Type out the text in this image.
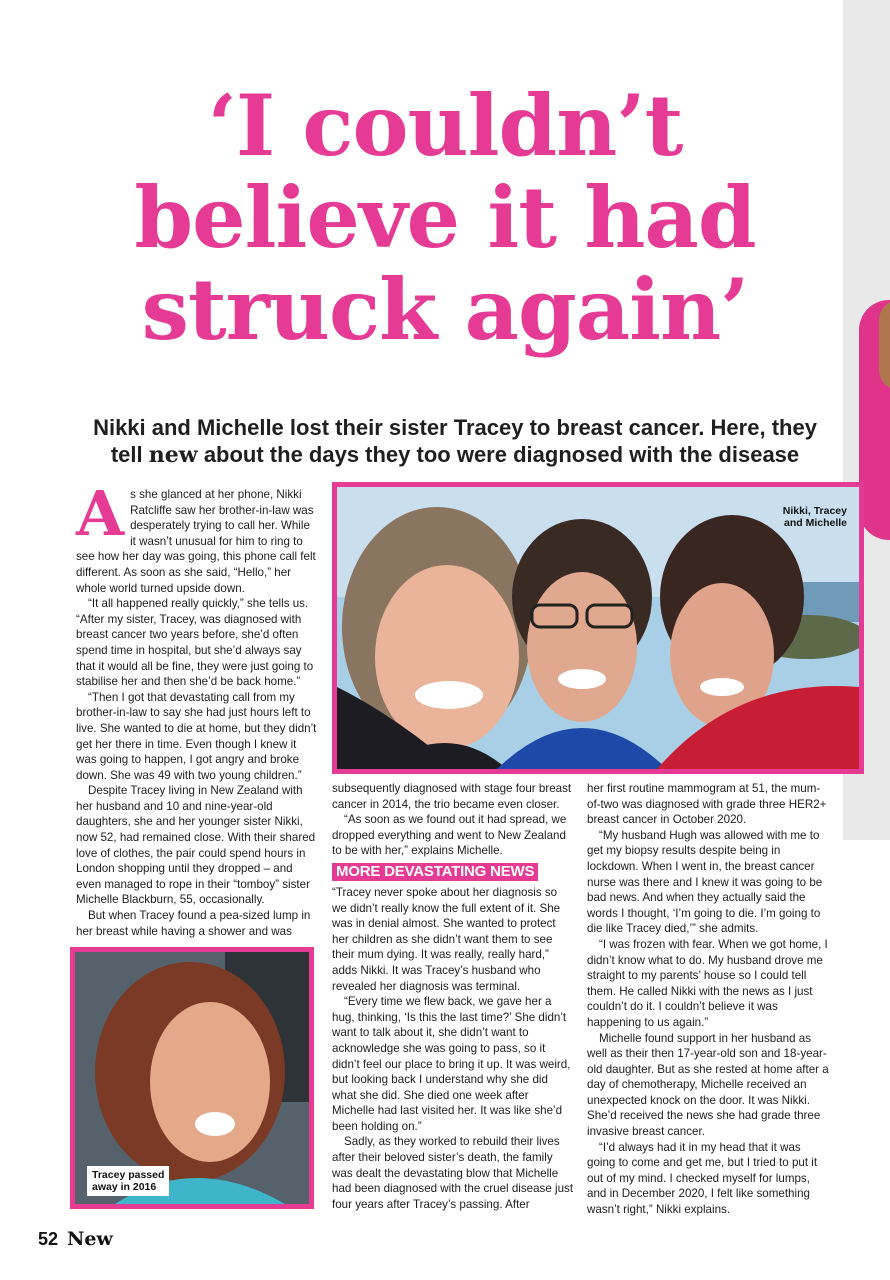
‘I couldn’t
believe it had
struck again’
Nikki and Michelle lost their sister Tracey to breast cancer. Here, they
tell new about the days they too were diagnosed with the disease

As she glanced at her phone, Nikki Ratcliffe saw her brother-in-law was desperately trying to call her. While it wasn’t unusual for him to ring to see how her day was going, this phone call felt different. As soon as she said, “Hello,” her whole world turned upside down.

“It all happened really quickly,” she tells us. “After my sister, Tracey, was diagnosed with breast cancer two years before, she’d often spend time in hospital, but she’d always say that it would all be fine, they were just going to stabilise her and then she’d be back home.”

“Then I got that devastating call from my brother-in-law to say she had just hours left to live. She wanted to die at home, but they didn’t get her there in time. Even though I knew it was going to happen, I got angry and broke down. She was 49 with two young children.”

Despite Tracey living in New Zealand with her husband and 10 and nine-year-old daughters, she and her younger sister Nikki, now 52, had remained close. With their shared love of clothes, the pair could spend hours in London shopping until they dropped – and even managed to rope in their “tomboy” sister Michelle Blackburn, 55, occasionally.

But when Tracey found a pea-sized lump in her breast while having a shower and was

Nikki, Tracey
and Michelle

subsequently diagnosed with stage four breast cancer in 2014, the trio became even closer.

“As soon as we found out it had spread, we dropped everything and went to New Zealand to be with her,” explains Michelle.

MORE DEVASTATING NEWS

“Tracey never spoke about her diagnosis so we didn’t really know the full extent of it. She was in denial almost. She wanted to protect her children as she didn’t want them to see their mum dying. It was really, really hard,” adds Nikki. It was Tracey’s husband who revealed her diagnosis was terminal.

“Every time we flew back, we gave her a hug, thinking, ‘Is this the last time?’ She didn’t want to talk about it, she didn’t want to acknowledge she was going to pass, so it didn’t feel our place to bring it up. It was weird, but looking back I understand why she did what she did. She died one week after Michelle had last visited her. It was like she’d been holding on.”

Sadly, as they worked to rebuild their lives after their beloved sister’s death, the family was dealt the devastating blow that Michelle had been diagnosed with the cruel disease just four years after Tracey’s passing. After

her first routine mammogram at 51, the mum-of-two was diagnosed with grade three HER2+ breast cancer in October 2020.

“My husband Hugh was allowed with me to get my biopsy results despite being in lockdown. When I went in, the breast cancer nurse was there and I knew it was going to be bad news. And when they actually said the words I thought, ‘I’m going to die. I’m going to die like Tracey died,’” she admits.

“I was frozen with fear. When we got home, I didn’t know what to do. My husband drove me straight to my parents’ house so I could tell them. He called Nikki with the news as I just couldn’t do it. I couldn’t believe it was happening to us again.”

Michelle found support in her husband as well as their then 17-year-old son and 18-year-old daughter. But as she rested at home after a day of chemotherapy, Michelle received an unexpected knock on the door. It was Nikki. She’d received the news she had grade three invasive breast cancer.

“I’d always had it in my head that it was going to come and get me, but I tried to put it out of my mind. I checked myself for lumps, and in December 2020, I felt like something wasn’t right,” Nikki explains.

Tracey passed
away in 2016
52 New
